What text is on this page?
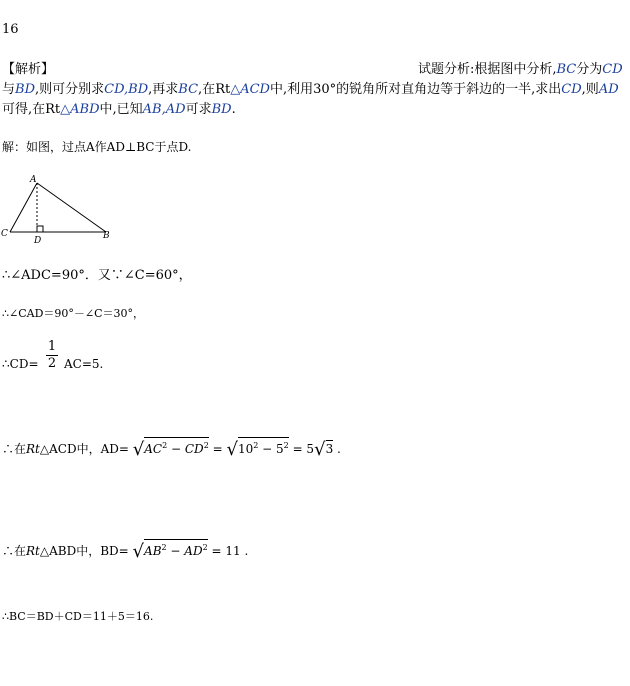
16
【解析】	试题分析:根据图中分析,BC分为CD
与BD,则可分别求CD,BD,再求BC,在Rt△ACD中,利用30°的锐角所对直角边等于斜边的一半,求出CD,则AD
可得,在Rt△ABD中,已知AB,AD可求BD.
解：如图，过点A作AD⊥BC于点D.
A
C
D	B
∴∠ADC=90°．又∵∠C=60°，
∴∠CAD＝90°－∠C＝30°，
∴CD=
1
2 AC=5.
∴在Rt△ACD中，$AD= √AC^2 - CD^2 = √10^2 - 5^2 = 5√3$ .
∴在Rt△ABD中，$BD= √AB^2 - AD^2 = 11$ .
∴BC＝BD＋CD＝11＋5＝16.
